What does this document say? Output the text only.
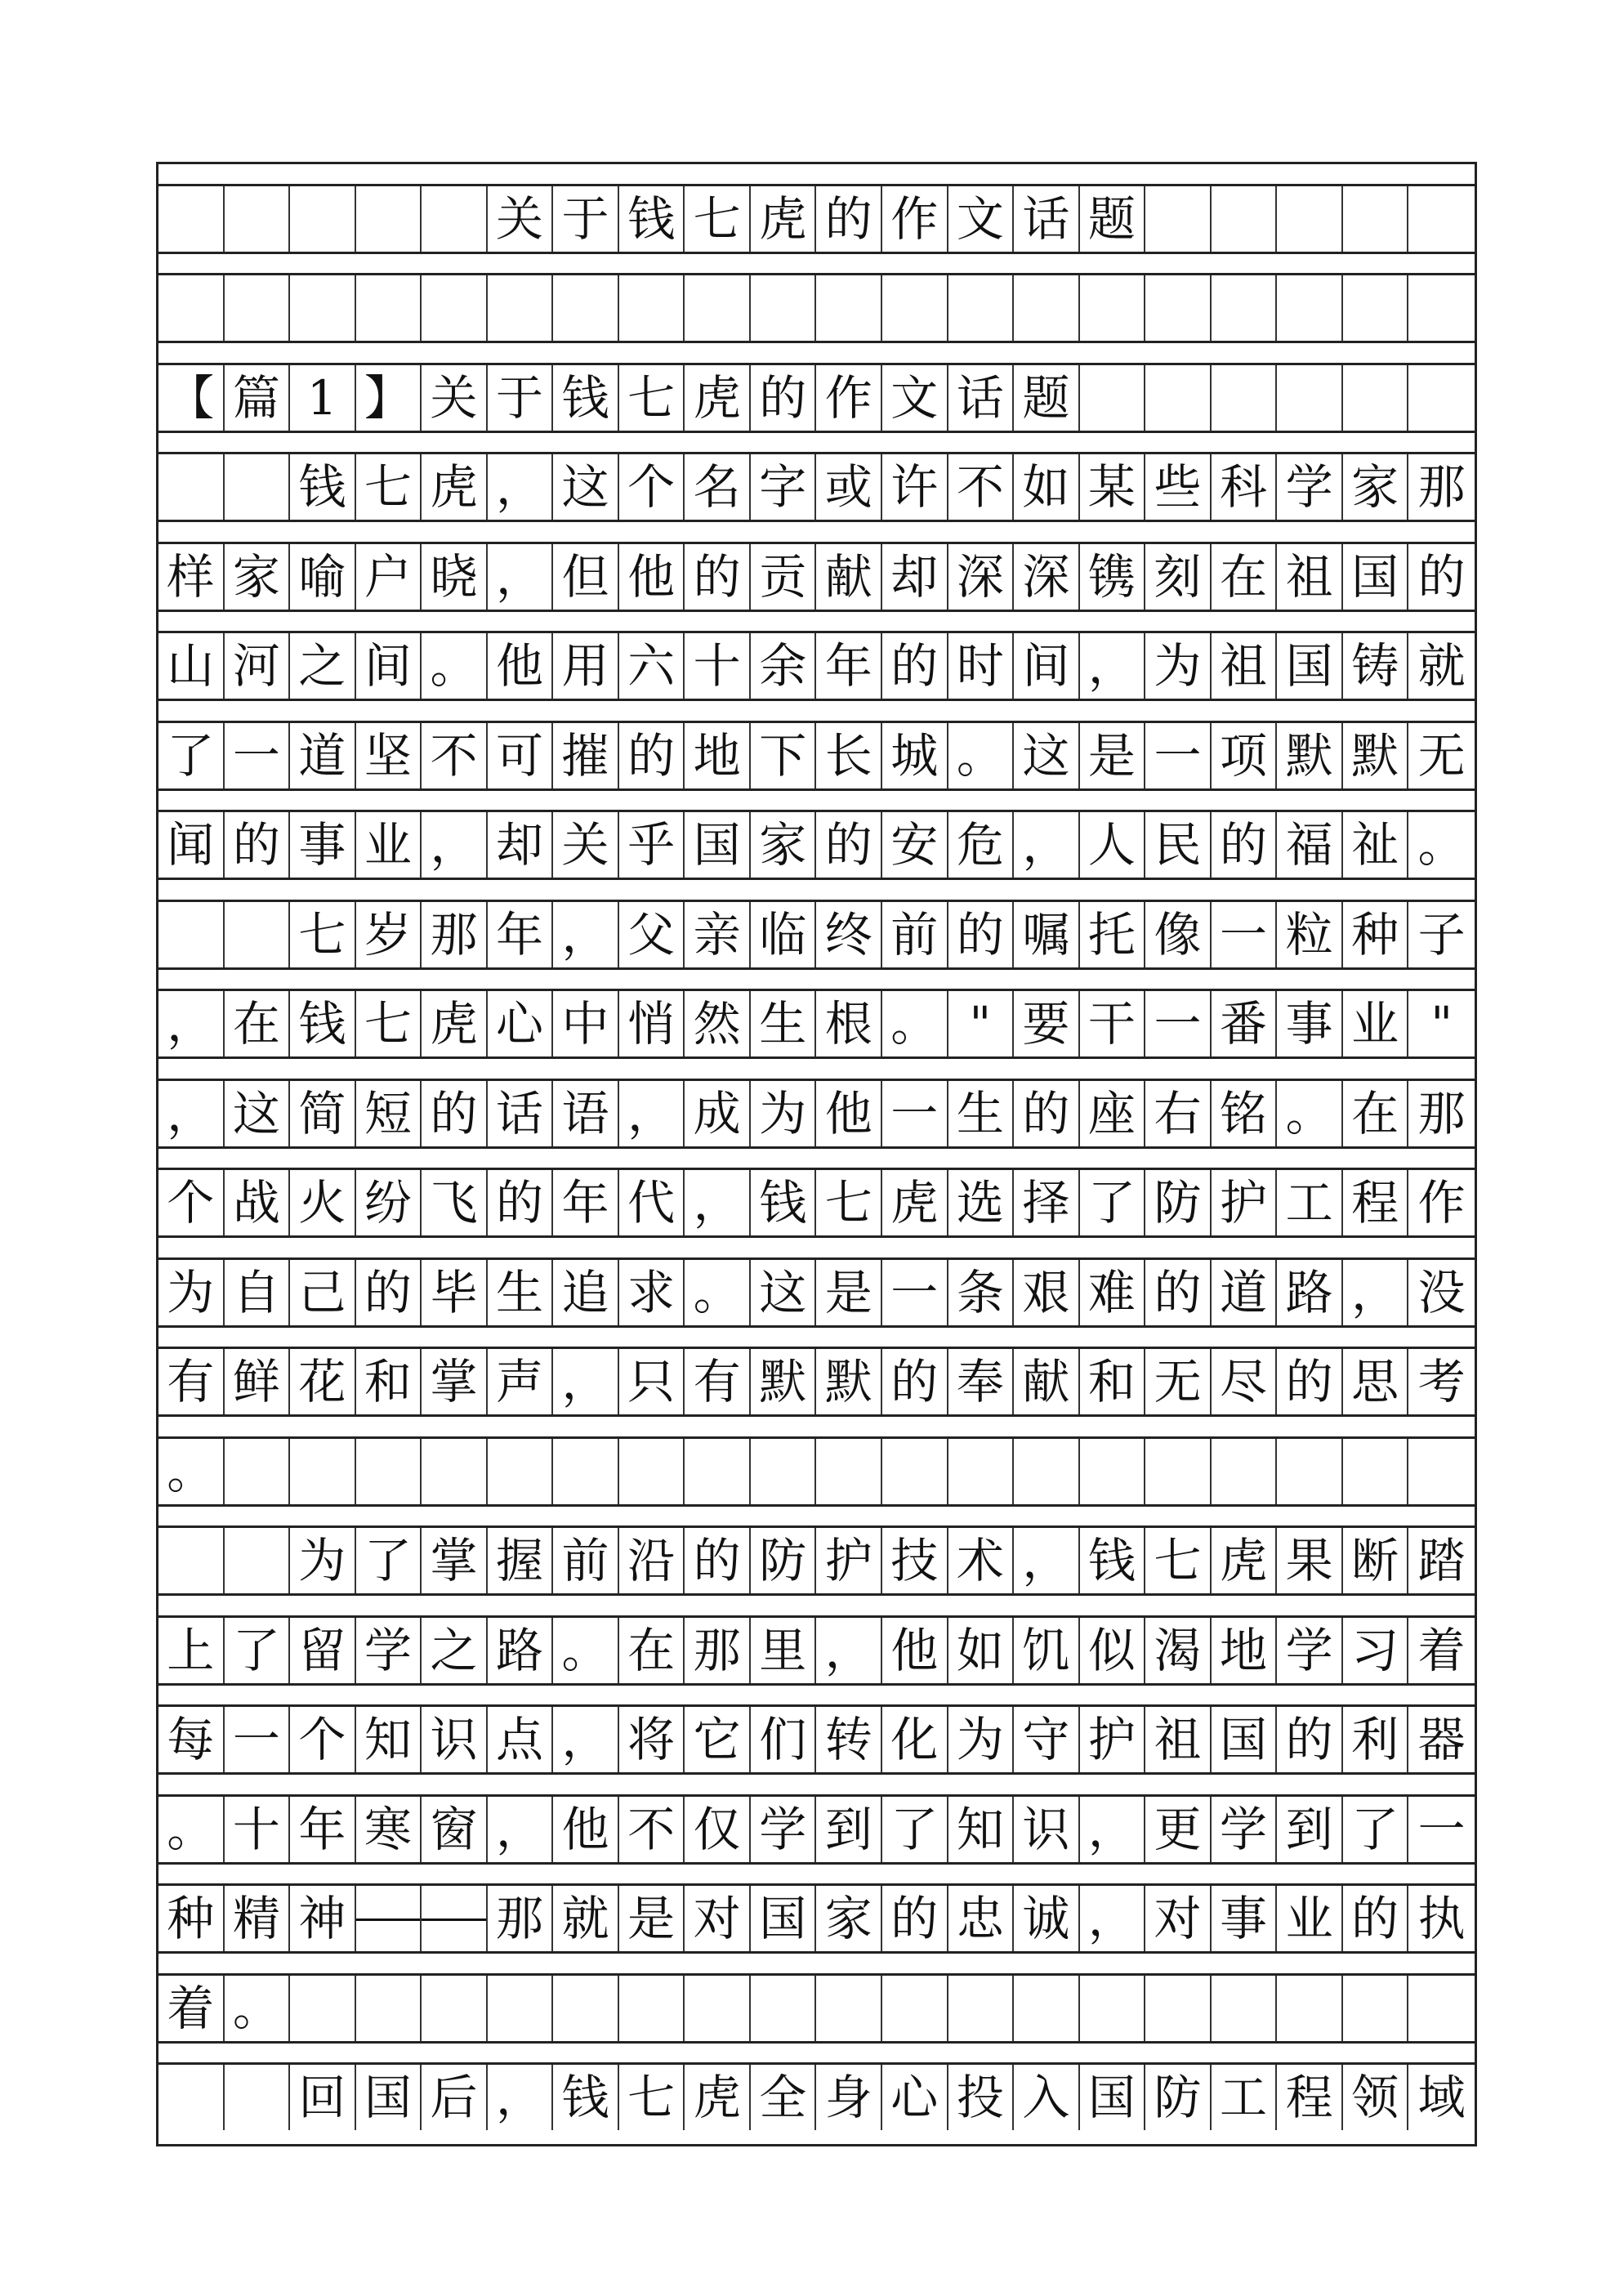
关 于 钱 七 虎 的 作 文 话 题
【 篇 1 】 关 于 钱 七 虎 的 作 文 话 题
钱 七 虎 ， 这 个 名 字 或 许 不 如 某 些 科 学 家 那
样 家 喻 户 晓 ， 但 他 的 贡 献 却 深 深 镌 刻 在 祖 国 的
山 河 之 间 。 他 用 六 十 余 年 的 时 间 ， 为 祖 国 铸 就
了 一 道 坚 不 可 摧 的 地 下 长 城 。 这 是 一 项 默 默 无
闻 的 事 业 ， 却 关 乎 国 家 的 安 危 ， 人 民 的 福 祉 。
七 岁 那 年 ， 父 亲 临 终 前 的 嘱 托 像 一 粒 种 子
， 在 钱 七 虎 心 中 悄 然 生 根 。 " 要 干 一 番 事 业 "
， 这 简 短 的 话 语 ， 成 为 他 一 生 的 座 右 铭 。 在 那
个 战 火 纷 飞 的 年 代 ， 钱 七 虎 选 择 了 防 护 工 程 作
为 自 己 的 毕 生 追 求 。 这 是 一 条 艰 难 的 道 路 ， 没
有 鲜 花 和 掌 声 ， 只 有 默 默 的 奉 献 和 无 尽 的 思 考
。
为 了 掌 握 前 沿 的 防 护 技 术 ， 钱 七 虎 果 断 踏
上 了 留 学 之 路 。 在 那 里 ， 他 如 饥 似 渴 地 学 习 着
每 一 个 知 识 点 ， 将 它 们 转 化 为 守 护 祖 国 的 利 器
。 十 年 寒 窗 ， 他 不 仅 学 到 了 知 识 ， 更 学 到 了 一
种 精 神	那 就 是 对 国 家 的 忠 诚 ， 对 事 业 的 执
着 。
回 国 后 ， 钱 七 虎 全 身 心 投 入 国 防 工 程 领 域
